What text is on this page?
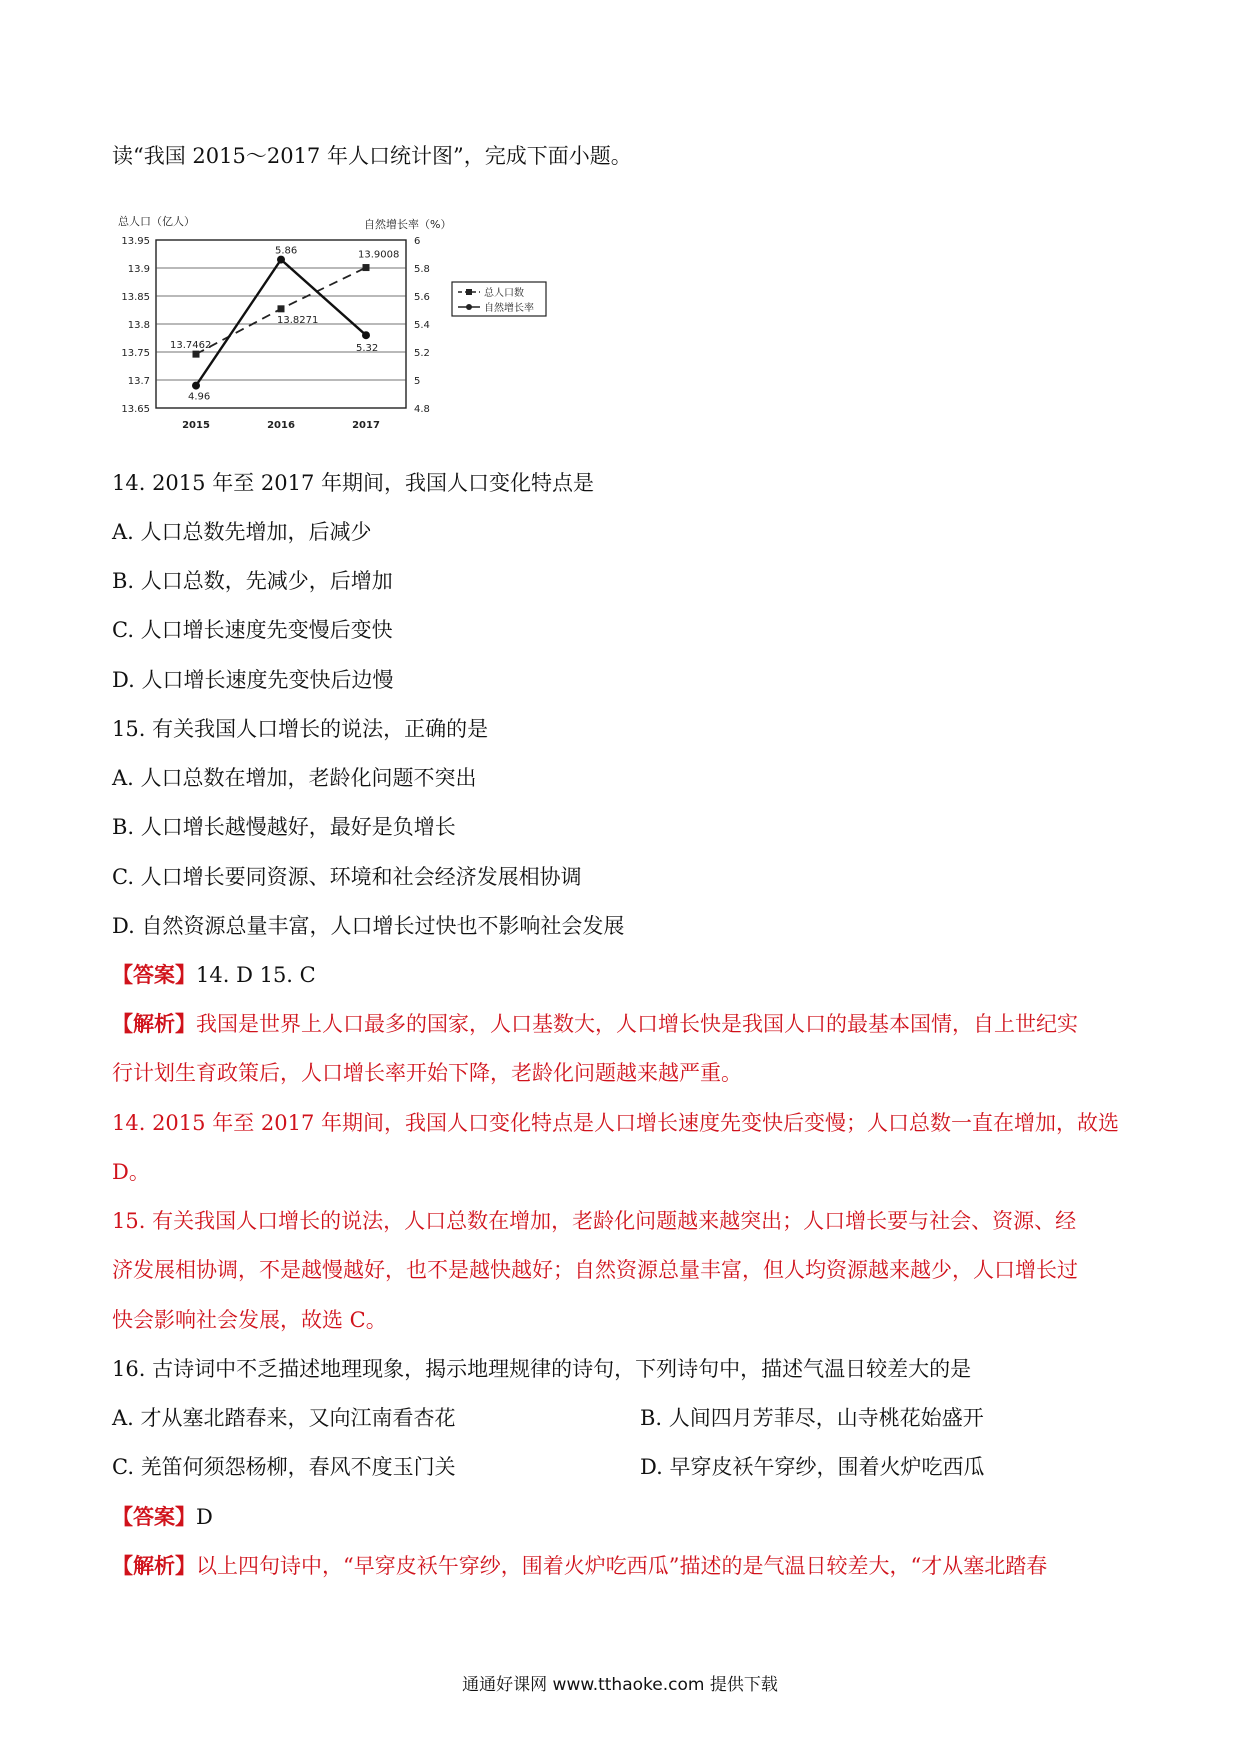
读“我国 2015～2017 年人口统计图”，完成下面小题。
总人口（亿人）	自然增长率（%）
13.95	6
13.9	5.8
13.85	5.6
13.8	5.4
13.75	5.2
13.7	5
13.65	4.8
2015	2016	2017
13.7462
13.8271
13.9008
4.96
5.86
5.32
总人口数
自然增长率
14. 2015 年至 2017 年期间，我国人口变化特点是
A. 人口总数先增加，后减少
B. 人口总数，先减少，后增加
C. 人口增长速度先变慢后变快
D. 人口增长速度先变快后边慢
15. 有关我国人口增长的说法，正确的是
A. 人口总数在增加，老龄化问题不突出
B. 人口增长越慢越好，最好是负增长
C. 人口增长要同资源、环境和社会经济发展相协调
D. 自然资源总量丰富，人口增长过快也不影响社会发展
【答案】14. D 15. C
【解析】我国是世界上人口最多的国家，人口基数大，人口增长快是我国人口的最基本国情，自上世纪实
行计划生育政策后，人口增长率开始下降，老龄化问题越来越严重。
14. 2015 年至 2017 年期间，我国人口变化特点是人口增长速度先变快后变慢；人口总数一直在增加，故选
D。
15. 有关我国人口增长的说法，人口总数在增加，老龄化问题越来越突出；人口增长要与社会、资源、经
济发展相协调，不是越慢越好，也不是越快越好；自然资源总量丰富，但人均资源越来越少，人口增长过
快会影响社会发展，故选 C。
16. 古诗词中不乏描述地理现象，揭示地理规律的诗句，下列诗句中，描述气温日较差大的是
A. 才从塞北踏春来，又向江南看杏花	B. 人间四月芳菲尽，山寺桃花始盛开
C. 羌笛何须怨杨柳，春风不度玉门关	D. 早穿皮袄午穿纱，围着火炉吃西瓜
【答案】D
【解析】以上四句诗中，“早穿皮袄午穿纱，围着火炉吃西瓜”描述的是气温日较差大，“才从塞北踏春
通通好课网 www.tthaoke.com 提供下载
